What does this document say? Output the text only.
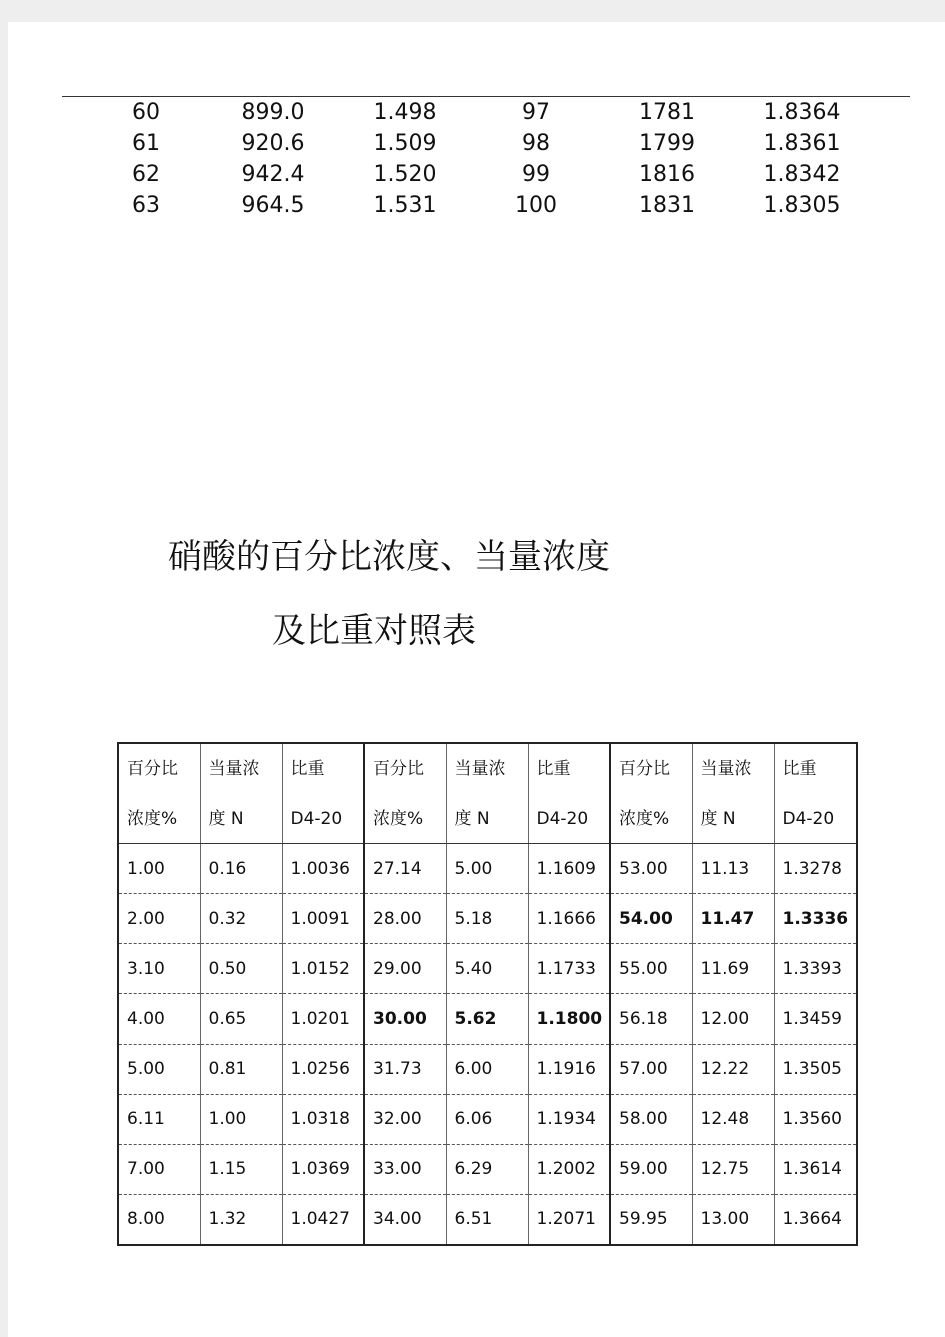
60	899.0	1.498	97	1781	1.8364
61	920.6	1.509	98	1799	1.8361
62	942.4	1.520	99	1816	1.8342
63	964.5	1.531	100	1831	1.8305
硝酸的百分比浓度、当量浓度
及比重对照表
百分比	当量浓	比重	百分比	当量浓	比重	百分比	当量浓	比重
浓度%	度 N	D4-20	浓度%	度 N	D4-20	浓度%	度 N	D4-20
1.00	0.16	1.0036	27.14	5.00	1.1609	53.00	11.13	1.3278
2.00	0.32	1.0091	28.00	5.18	1.1666	54.00	11.47	1.3336
3.10	0.50	1.0152	29.00	5.40	1.1733	55.00	11.69	1.3393
4.00	0.65	1.0201	30.00	5.62	1.1800	56.18	12.00	1.3459
5.00	0.81	1.0256	31.73	6.00	1.1916	57.00	12.22	1.3505
6.11	1.00	1.0318	32.00	6.06	1.1934	58.00	12.48	1.3560
7.00	1.15	1.0369	33.00	6.29	1.2002	59.00	12.75	1.3614
8.00	1.32	1.0427	34.00	6.51	1.2071	59.95	13.00	1.3664
